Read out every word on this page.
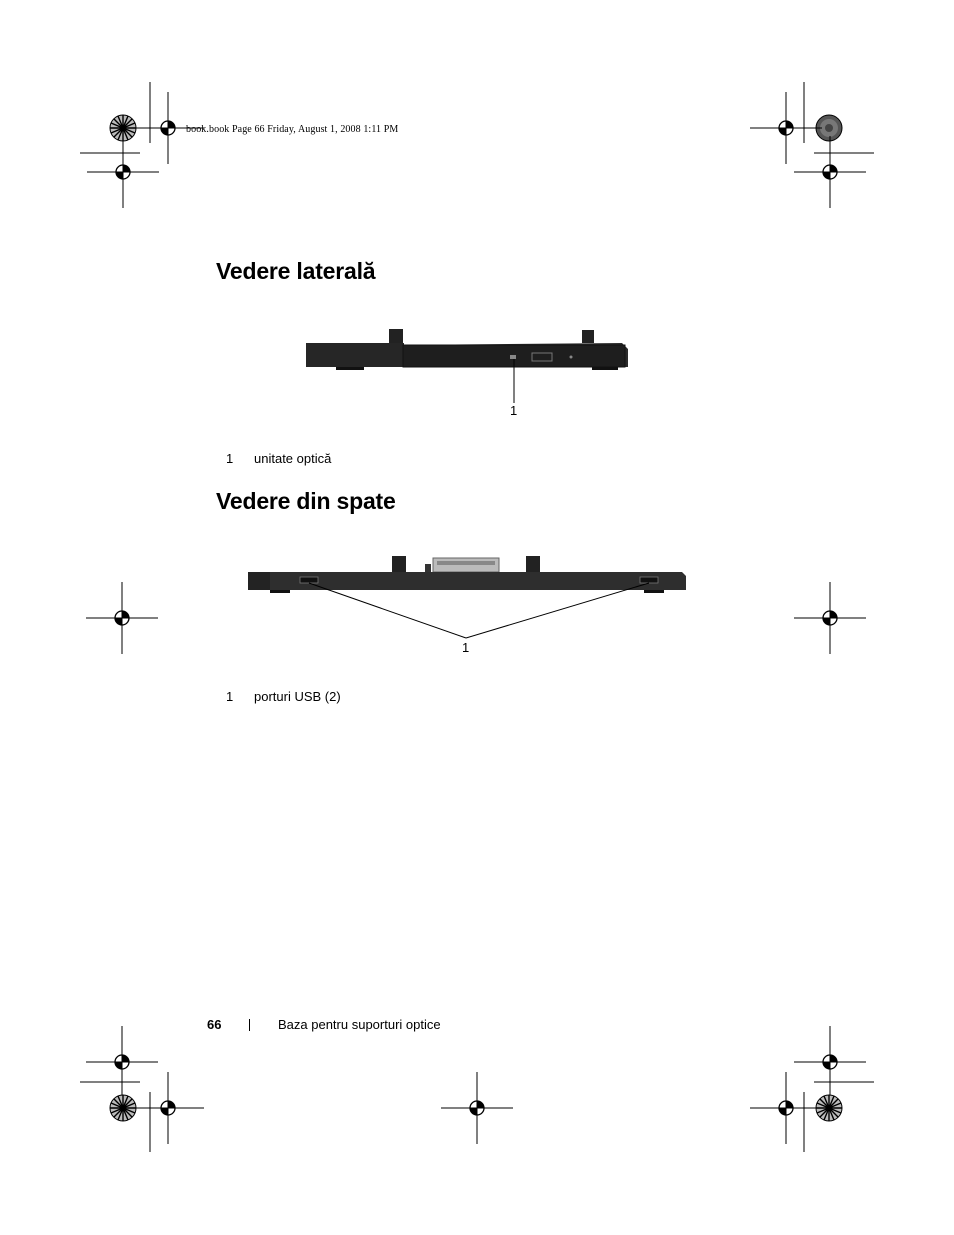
book.book Page 66 Friday, August 1, 2008 1:11 PM
Vedere laterală
1
1 unitate optică
Vedere din spate
1
1 porturi USB (2)
66	Baza pentru suporturi optice
